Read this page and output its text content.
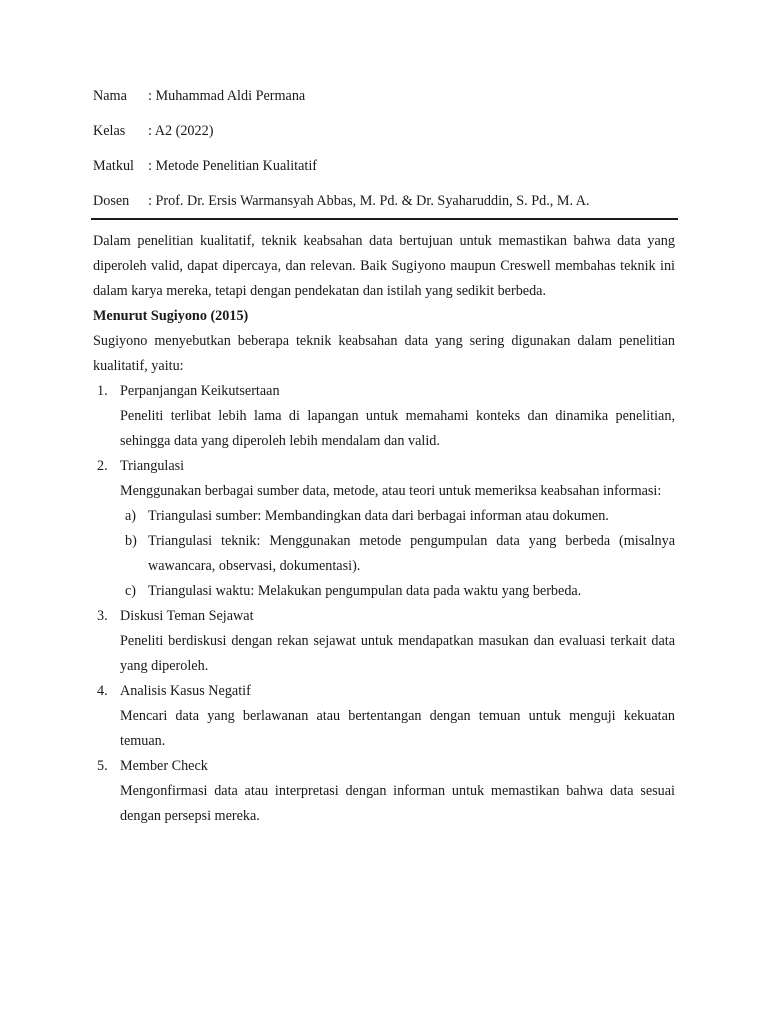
Nama	: Muhammad Aldi Permana
Kelas	: A2 (2022)
Matkul : Metode Penelitian Kualitatif
Dosen	: Prof. Dr. Ersis Warmansyah Abbas, M. Pd. & Dr. Syaharuddin, S. Pd., M. A.

Dalam penelitian kualitatif, teknik keabsahan data bertujuan untuk memastikan bahwa data yang diperoleh valid, dapat dipercaya, dan relevan. Baik Sugiyono maupun Creswell membahas teknik ini dalam karya mereka, tetapi dengan pendekatan dan istilah yang sedikit berbeda.

Menurut Sugiyono (2015)

Sugiyono menyebutkan beberapa teknik keabsahan data yang sering digunakan dalam penelitian kualitatif, yaitu:

1. Perpanjangan Keikutsertaan
Peneliti terlibat lebih lama di lapangan untuk memahami konteks dan dinamika penelitian, sehingga data yang diperoleh lebih mendalam dan valid.
2. Triangulasi
Menggunakan berbagai sumber data, metode, atau teori untuk memeriksa keabsahan informasi:
a) Triangulasi sumber: Membandingkan data dari berbagai informan atau dokumen.
b) Triangulasi teknik: Menggunakan metode pengumpulan data yang berbeda (misalnya wawancara, observasi, dokumentasi).
c) Triangulasi waktu: Melakukan pengumpulan data pada waktu yang berbeda.
3. Diskusi Teman Sejawat
Peneliti berdiskusi dengan rekan sejawat untuk mendapatkan masukan dan evaluasi terkait data yang diperoleh.
4. Analisis Kasus Negatif
Mencari data yang berlawanan atau bertentangan dengan temuan untuk menguji kekuatan temuan.
5. Member Check
Mengonfirmasi data atau interpretasi dengan informan untuk memastikan bahwa data sesuai dengan persepsi mereka.
